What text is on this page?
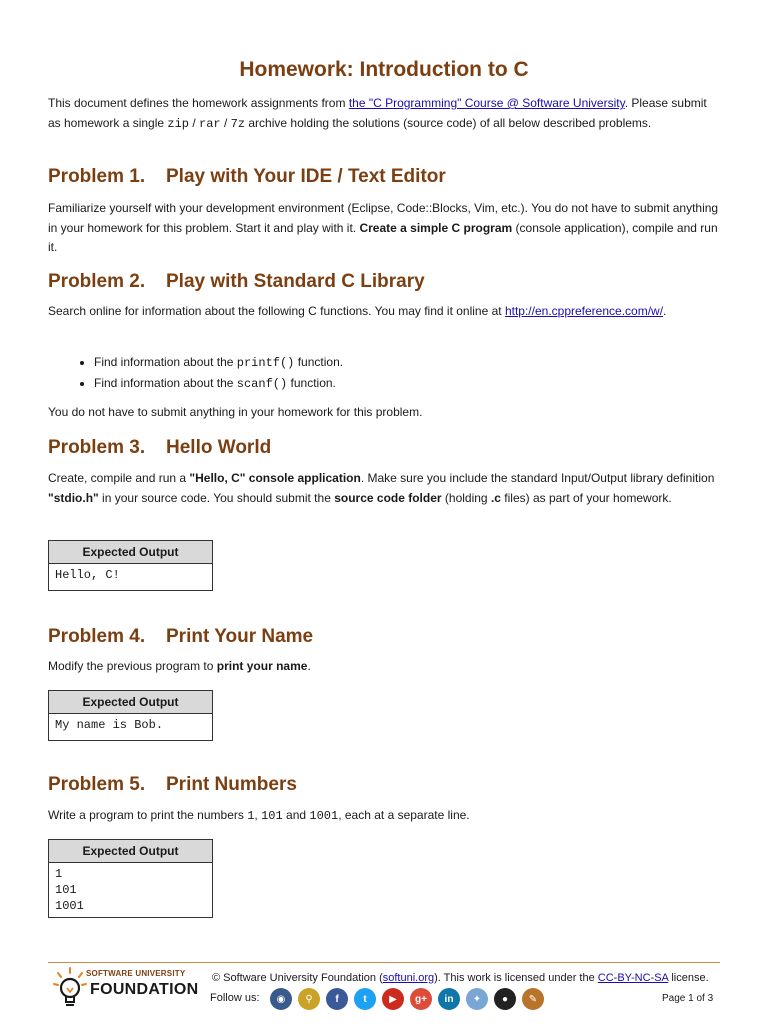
Homework: Introduction to C

This document defines the homework assignments from the "C Programming" Course @ Software University. Please submit as homework a single zip / rar / 7z archive holding the solutions (source code) of all below described problems.

Problem 1. Play with Your IDE / Text Editor

Familiarize yourself with your development environment (Eclipse, Code::Blocks, Vim, etc.). You do not have to submit anything in your homework for this problem. Start it and play with it. Create a simple C program (console application), compile and run it.

Problem 2. Play with Standard C Library

Search online for information about the following C functions. You may find it online at http://en.cppreference.com/w/.

• Find information about the printf() function.
• Find information about the scanf() function.

You do not have to submit anything in your homework for this problem.

Problem 3. Hello World

Create, compile and run a "Hello, C" console application. Make sure you include the standard Input/Output library definition "stdio.h" in your source code. You should submit the source code folder (holding .c files) as part of your homework.

Expected Output

Hello, C!
Problem 4. Print Your Name

Modify the previous program to print your name.

Expected Output

My name is Bob.
Problem 5. Print Numbers

Write a program to print the numbers 1, 101 and 1001, each at a separate line.

Expected Output

1
101
1001
SOFTWARE UNIVERSITY
FOUNDATION
© Software University Foundation (softuni.org). This work is licensed under the CC-BY-NC-SA license.
Follow us:	◉	⚲	f	t	▶	g+	in	✦	●	✎	Page 1 of 3
